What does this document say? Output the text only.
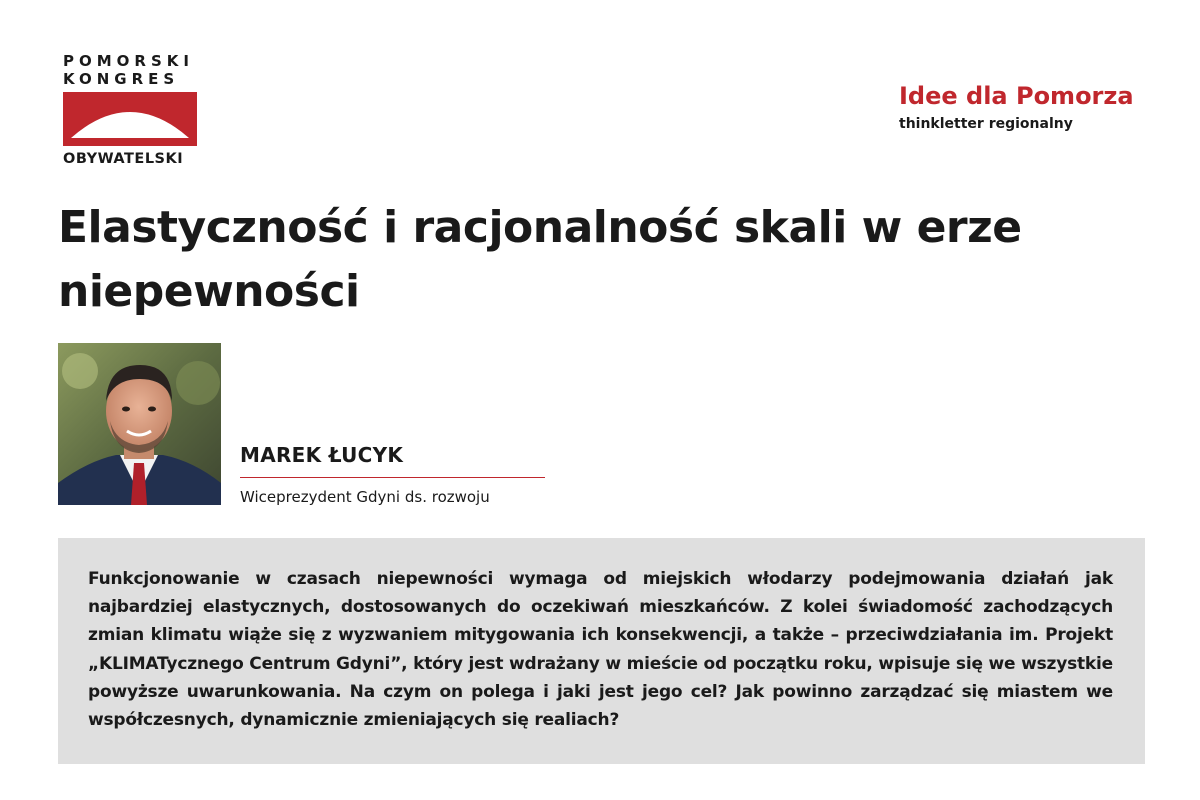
POMORSKI
KONGRES
OBYWATELSKI
Idee dla Pomorza
thinkletter regionalny
Elastyczność i racjonalność skali w erze niepewności
MAREK ŁUCYK
Wiceprezydent Gdyni ds. rozwoju

Funkcjonowanie w czasach niepewności wymaga od miejskich włodarzy podejmowania działań jak najbardziej elastycznych, dostosowanych do oczekiwań mieszkańców. Z kolei świadomość zachodzących zmian klimatu wiąże się z wyzwaniem mitygowania ich konsekwencji, a także – przeciwdziałania im. Projekt „KLIMATycznego Centrum Gdyni”, który jest wdrażany w mieście od początku roku, wpisuje się we wszystkie powyższe uwarunkowania. Na czym on polega i jaki jest jego cel? Jak powinno zarządzać się miastem we współczesnych, dynamicznie zmieniających się realiach?
